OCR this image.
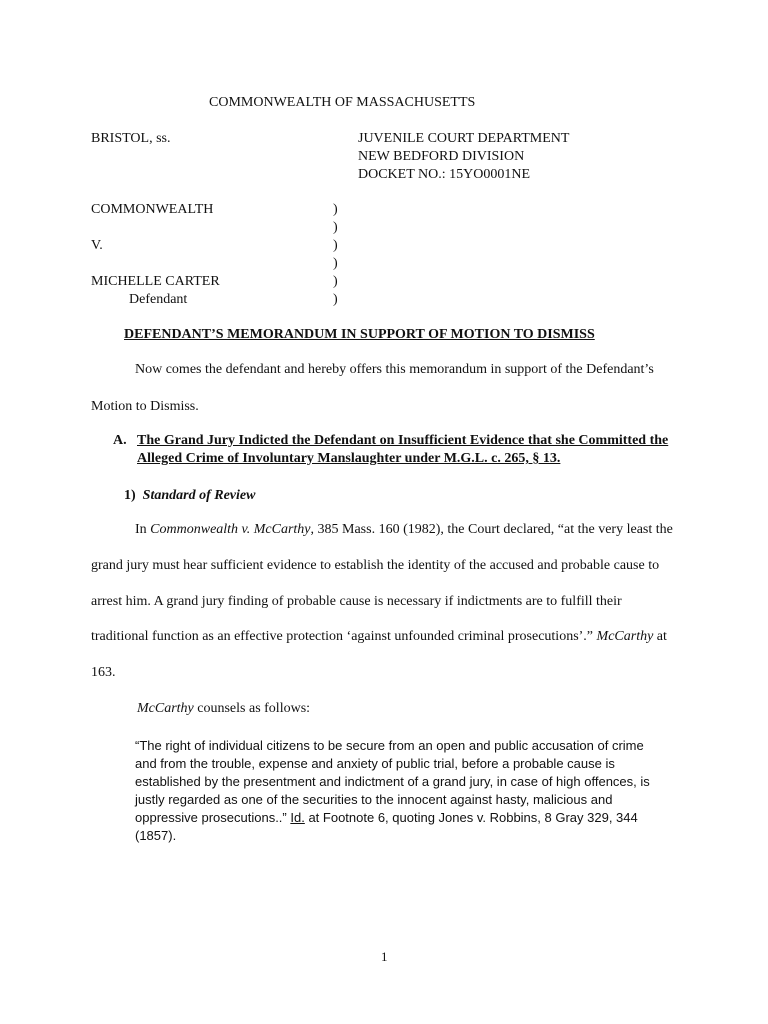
COMMONWEALTH OF MASSACHUSETTS
BRISTOL, ss.	JUVENILE COURT DEPARTMENT
NEW BEDFORD DIVISION
DOCKET NO.: 15YO0001NE
COMMONWEALTH
V.
MICHELLE CARTER
Defendant
)
)
)
)
)
)
DEFENDANT’S MEMORANDUM IN SUPPORT OF MOTION TO DISMISS
Now comes the defendant and hereby offers this memorandum in support of the Defendant’s
Motion to Dismiss.
A. The Grand Jury Indicted the Defendant on Insufficient Evidence that she Committed the
Alleged Crime of Involuntary Manslaughter under M.G.L. c. 265, § 13.
1) Standard of Review
In Commonwealth v. McCarthy, 385 Mass. 160 (1982), the Court declared, “at the very least the
grand jury must hear sufficient evidence to establish the identity of the accused and probable cause to
arrest him. A grand jury finding of probable cause is necessary if indictments are to fulfill their
traditional function as an effective protection ‘against unfounded criminal prosecutions’.” McCarthy at
163.
McCarthy counsels as follows:
“The right of individual citizens to be secure from an open and public accusation of crime
and from the trouble, expense and anxiety of public trial, before a probable cause is
established by the presentment and indictment of a grand jury, in case of high offences, is
justly regarded as one of the securities to the innocent against hasty, malicious and
oppressive prosecutions..” Id. at Footnote 6, quoting Jones v. Robbins, 8 Gray 329, 344
(1857).
1
